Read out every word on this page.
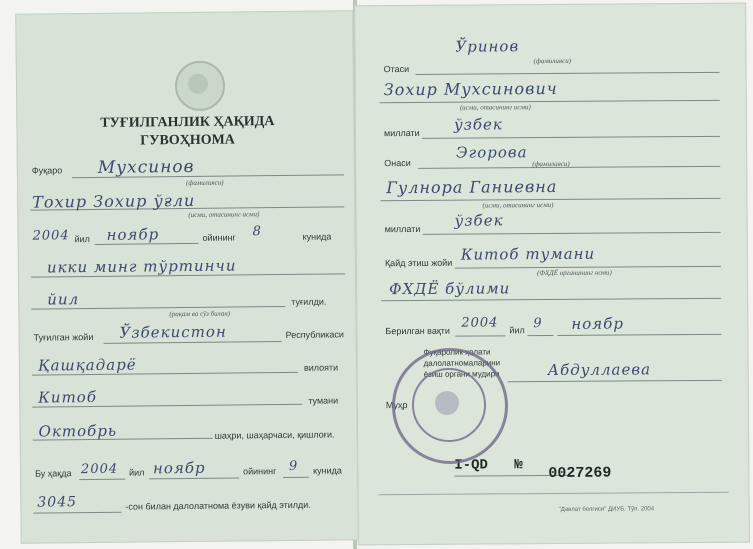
ТУҒИЛГАНЛИК ҲАҚИДА
ГУВОҲНОМА
Фуқаро Мухсинов
(фамилияси)
Тохир Зохир ўғли
(исми, отасининг исми)
2004 йил ноябр	ойининг 8	кунида
икки минг тўртинчи
йил	туғилди.
(рақам ва сўз билан)
Туғилган жойи Ўзбекистон	Республикаси
Қашқадарё	вилояти
Китоб	тумани
Октобрь	шаҳри, шаҳарчаси, қишлоғи.
Бу ҳақда 2004 йил ноябр	ойининг 9 кунида
3045	-сон билан далолатнома ёзуви қайд этилди.
Отаси
Ўринов
(фамилияси)
Зохир Мухсинович
(исми, отасининг исми)
миллати ўзбек
Онаси
Эгорова
(фамилияси)
Гулнора Ганиевна
(исми, отасининг исми)
миллати ўзбек
Қайд этиш жойи Китоб тумани
(ФҲДЁ органининг номи)
ФХДЁ бўлими
Берилган вақти
2004 йил 9 ноябр
Фуқаролик ҳолати
далолатномаларини
ёзиш органи мудири	Абдуллаева
Муҳр
I-QD № 0027269
"Давлат белгиси" ДИУБ. Тўп. 2004
